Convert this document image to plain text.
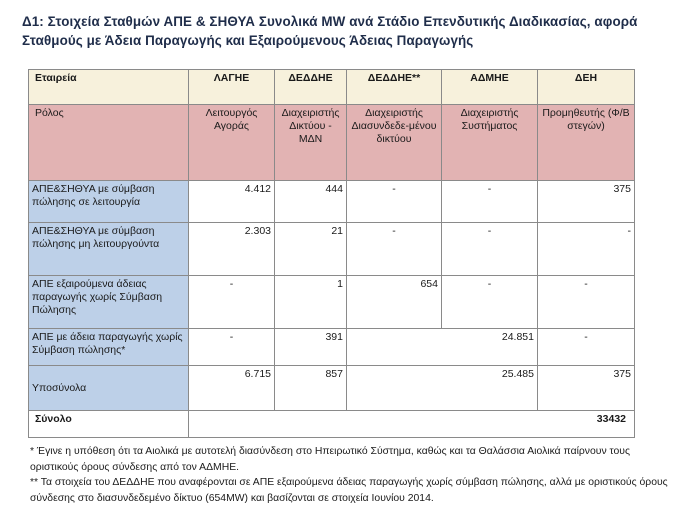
Δ1: Στοιχεία Σταθμών ΑΠΕ & ΣΗΘΥΑ Συνολικά MW ανά Στάδιο Επενδυτικής Διαδικασίας, αφορά Σταθμούς με Άδεια Παραγωγής και Εξαιρούμενους Άδειας Παραγωγής
Εταιρεία	ΛΑΓΗΕ	ΔΕΔΔΗΕ	ΔΕΔΔΗΕ**	ΑΔΜΗΕ	ΔΕΗ
Ρόλος	Λειτουργός Αγοράς	Διαχειριστής Δικτύου - ΜΔΝ	Διαχειριστής Διασυνδεδε-μένου δικτύου	Διαχειριστής Συστήματος	Προμηθευτής (Φ/Β στεγών)
ΑΠΕ&ΣΗΘΥΑ με σύμβαση πώλησης σε λειτουργία	4.412	444	-	-	375
ΑΠΕ&ΣΗΘΥΑ με σύμβαση πώλησης μη λειτουργούντα	2.303	21	-	-	-
ΑΠΕ εξαιρούμενα άδειας παραγωγής χωρίς Σύμβαση Πώλησης	-	1	654	-	-
ΑΠΕ με άδεια παραγωγής χωρίς Σύμβαση πώλησης*	-	391	24.851		-
Υποσύνολα	6.715	857	25.485		375
Σύνολο	33432				

* Έγινε η υπόθεση ότι τα Αιολικά με αυτοτελή διασύνδεση στο Ηπειρωτικό Σύστημα, καθώς και τα Θαλάσσια Αιολικά παίρνουν τους οριστικούς όρους σύνδεσης από τον ΑΔΜΗΕ.

** Τα στοιχεία του ΔΕΔΔΗΕ που αναφέρονται σε ΑΠΕ εξαιρούμενα άδειας παραγωγής χωρίς σύμβαση πώλησης, αλλά με οριστικούς όρους σύνδεσης στο διασυνδεδεμένο δίκτυο (654MW) και βασίζονται σε στοιχεία Ιουνίου 2014.
